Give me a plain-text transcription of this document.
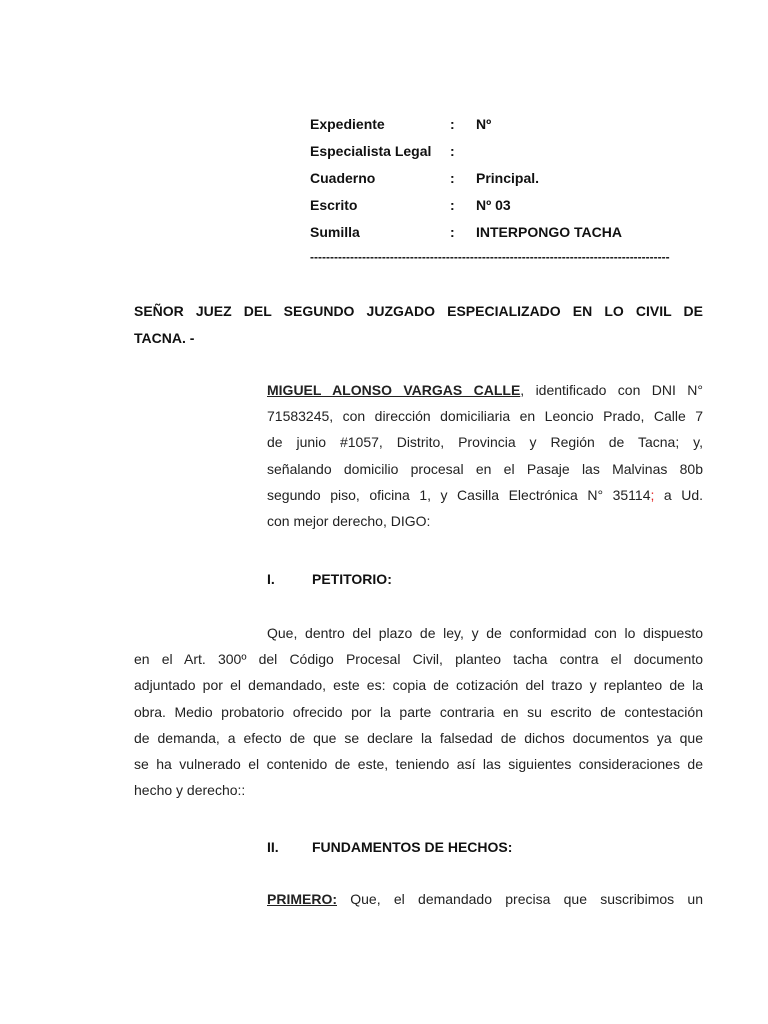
Expediente	: Nº
Especialista Legal :
Cuaderno	: Principal.
Escrito	: Nº 03
Sumilla	: INTERPONGO TACHA
------------------------------------------------------------------------------------------
SEÑOR JUEZ DEL SEGUNDO JUZGADO ESPECIALIZADO EN LO CIVIL DE
TACNA. -
MIGUEL ALONSO VARGAS CALLE, identificado con DNI N°
71583245, con dirección domiciliaria en Leoncio Prado, Calle 7
de junio #1057, Distrito, Provincia y Región de Tacna; y,
señalando domicilio procesal en el Pasaje las Malvinas 80b
segundo piso, oficina 1, y Casilla Electrónica N° 35114; a Ud.
con mejor derecho, DIGO:
I.	PETITORIO:
Que, dentro del plazo de ley, y de conformidad con lo dispuesto
en el Art. 300º del Código Procesal Civil, planteo tacha contra el documento
adjuntado por el demandado, este es: copia de cotización del trazo y replanteo de la
obra. Medio probatorio ofrecido por la parte contraria en su escrito de contestación
de demanda, a efecto de que se declare la falsedad de dichos documentos ya que
se ha vulnerado el contenido de este, teniendo así las siguientes consideraciones de
hecho y derecho::
II. FUNDAMENTOS DE HECHOS:
PRIMERO: Que, el demandado precisa que suscribimos un
